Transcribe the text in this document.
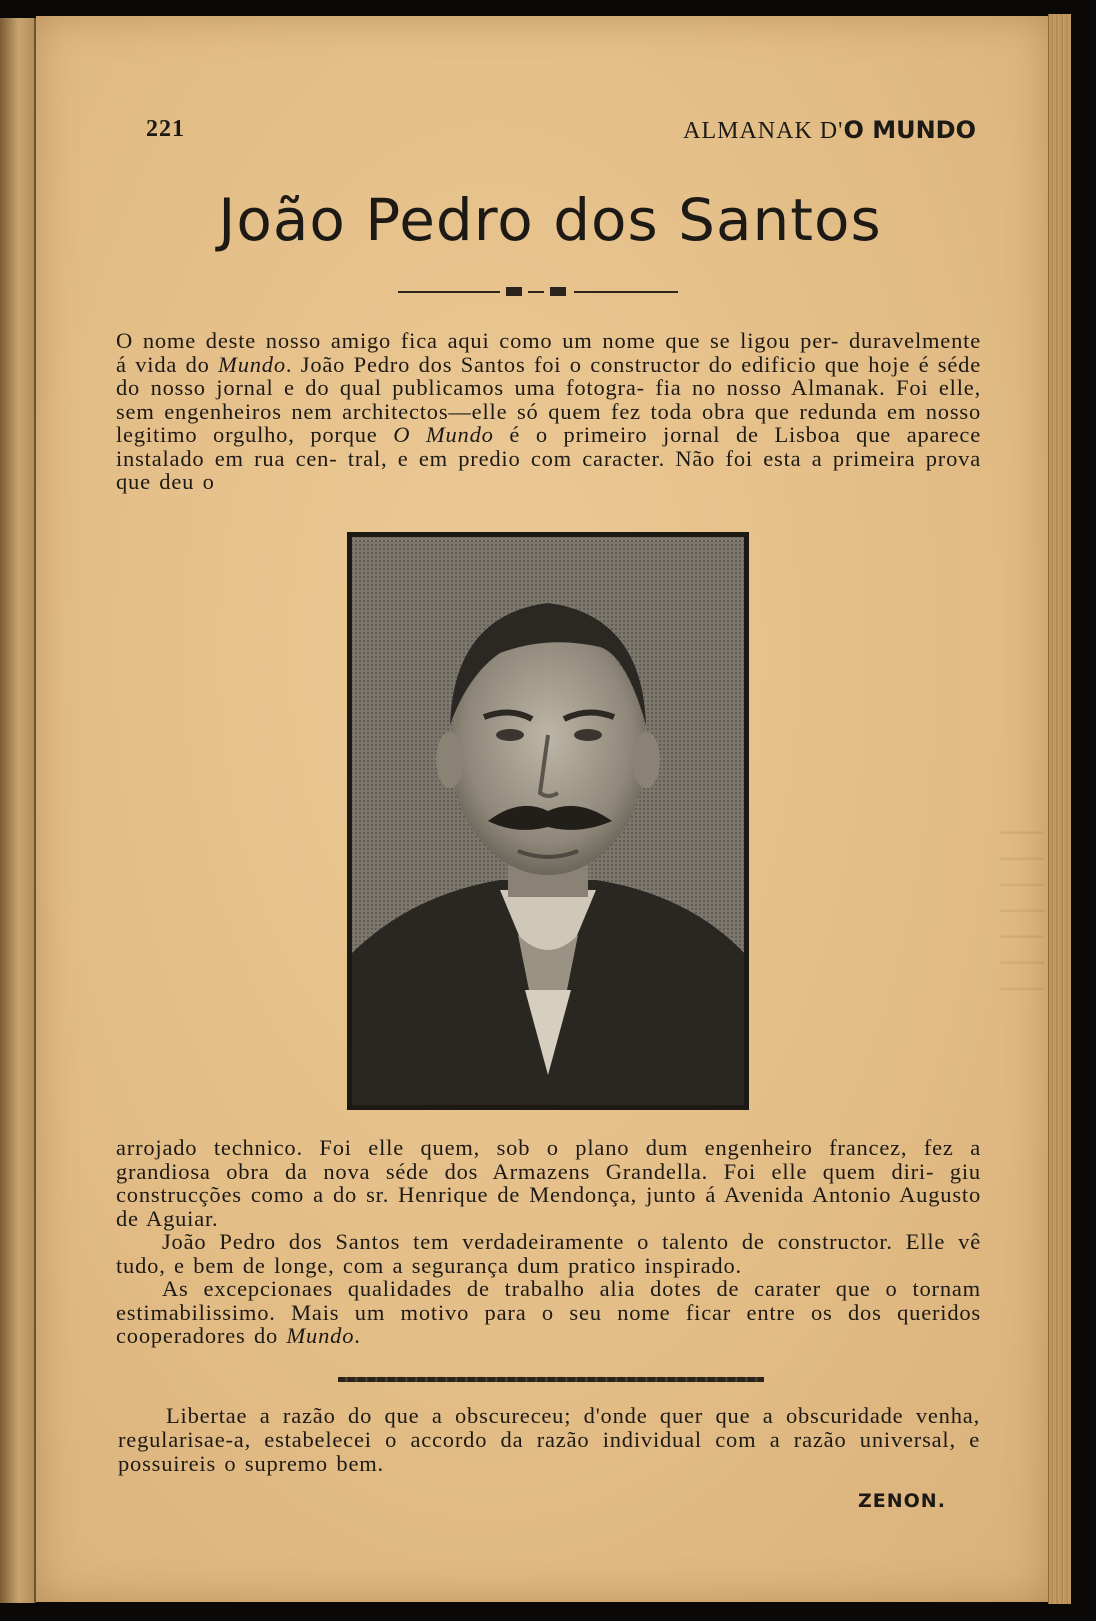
221	ALMANAK D'O MUNDO
João Pedro dos Santos

O nome deste nosso amigo fica aqui como um nome que se ligou per- duravelmente á vida do Mundo. João Pedro dos Santos foi o constructor do edificio que hoje é séde do nosso jornal e do qual publicamos uma fotogra- fia no nosso Almanak. Foi elle, sem engenheiros nem architectos—elle só quem fez toda obra que redunda em nosso legitimo orgulho, porque O Mundo é o primeiro jornal de Lisboa que aparece instalado em rua cen- tral, e em predio com caracter. Não foi esta a primeira prova que deu o

arrojado technico. Foi elle quem, sob o plano dum engenheiro francez, fez a grandiosa obra da nova séde dos Armazens Grandella. Foi elle quem diri- giu construcções como a do sr. Henrique de Mendonça, junto á Avenida Antonio Augusto de Aguiar.

João Pedro dos Santos tem verdadeiramente o talento de constructor. Elle vê tudo, e bem de longe, com a segurança dum pratico inspirado.

As excepcionaes qualidades de trabalho alia dotes de carater que o tornam estimabilissimo. Mais um motivo para o seu nome ficar entre os dos queridos cooperadores do Mundo.

Libertae a razão do que a obscureceu; d'onde quer que a obscuridade venha, regularisae-a, estabelecei o accordo da razão individual com a razão universal, e possuireis o supremo bem.

ZENON.
